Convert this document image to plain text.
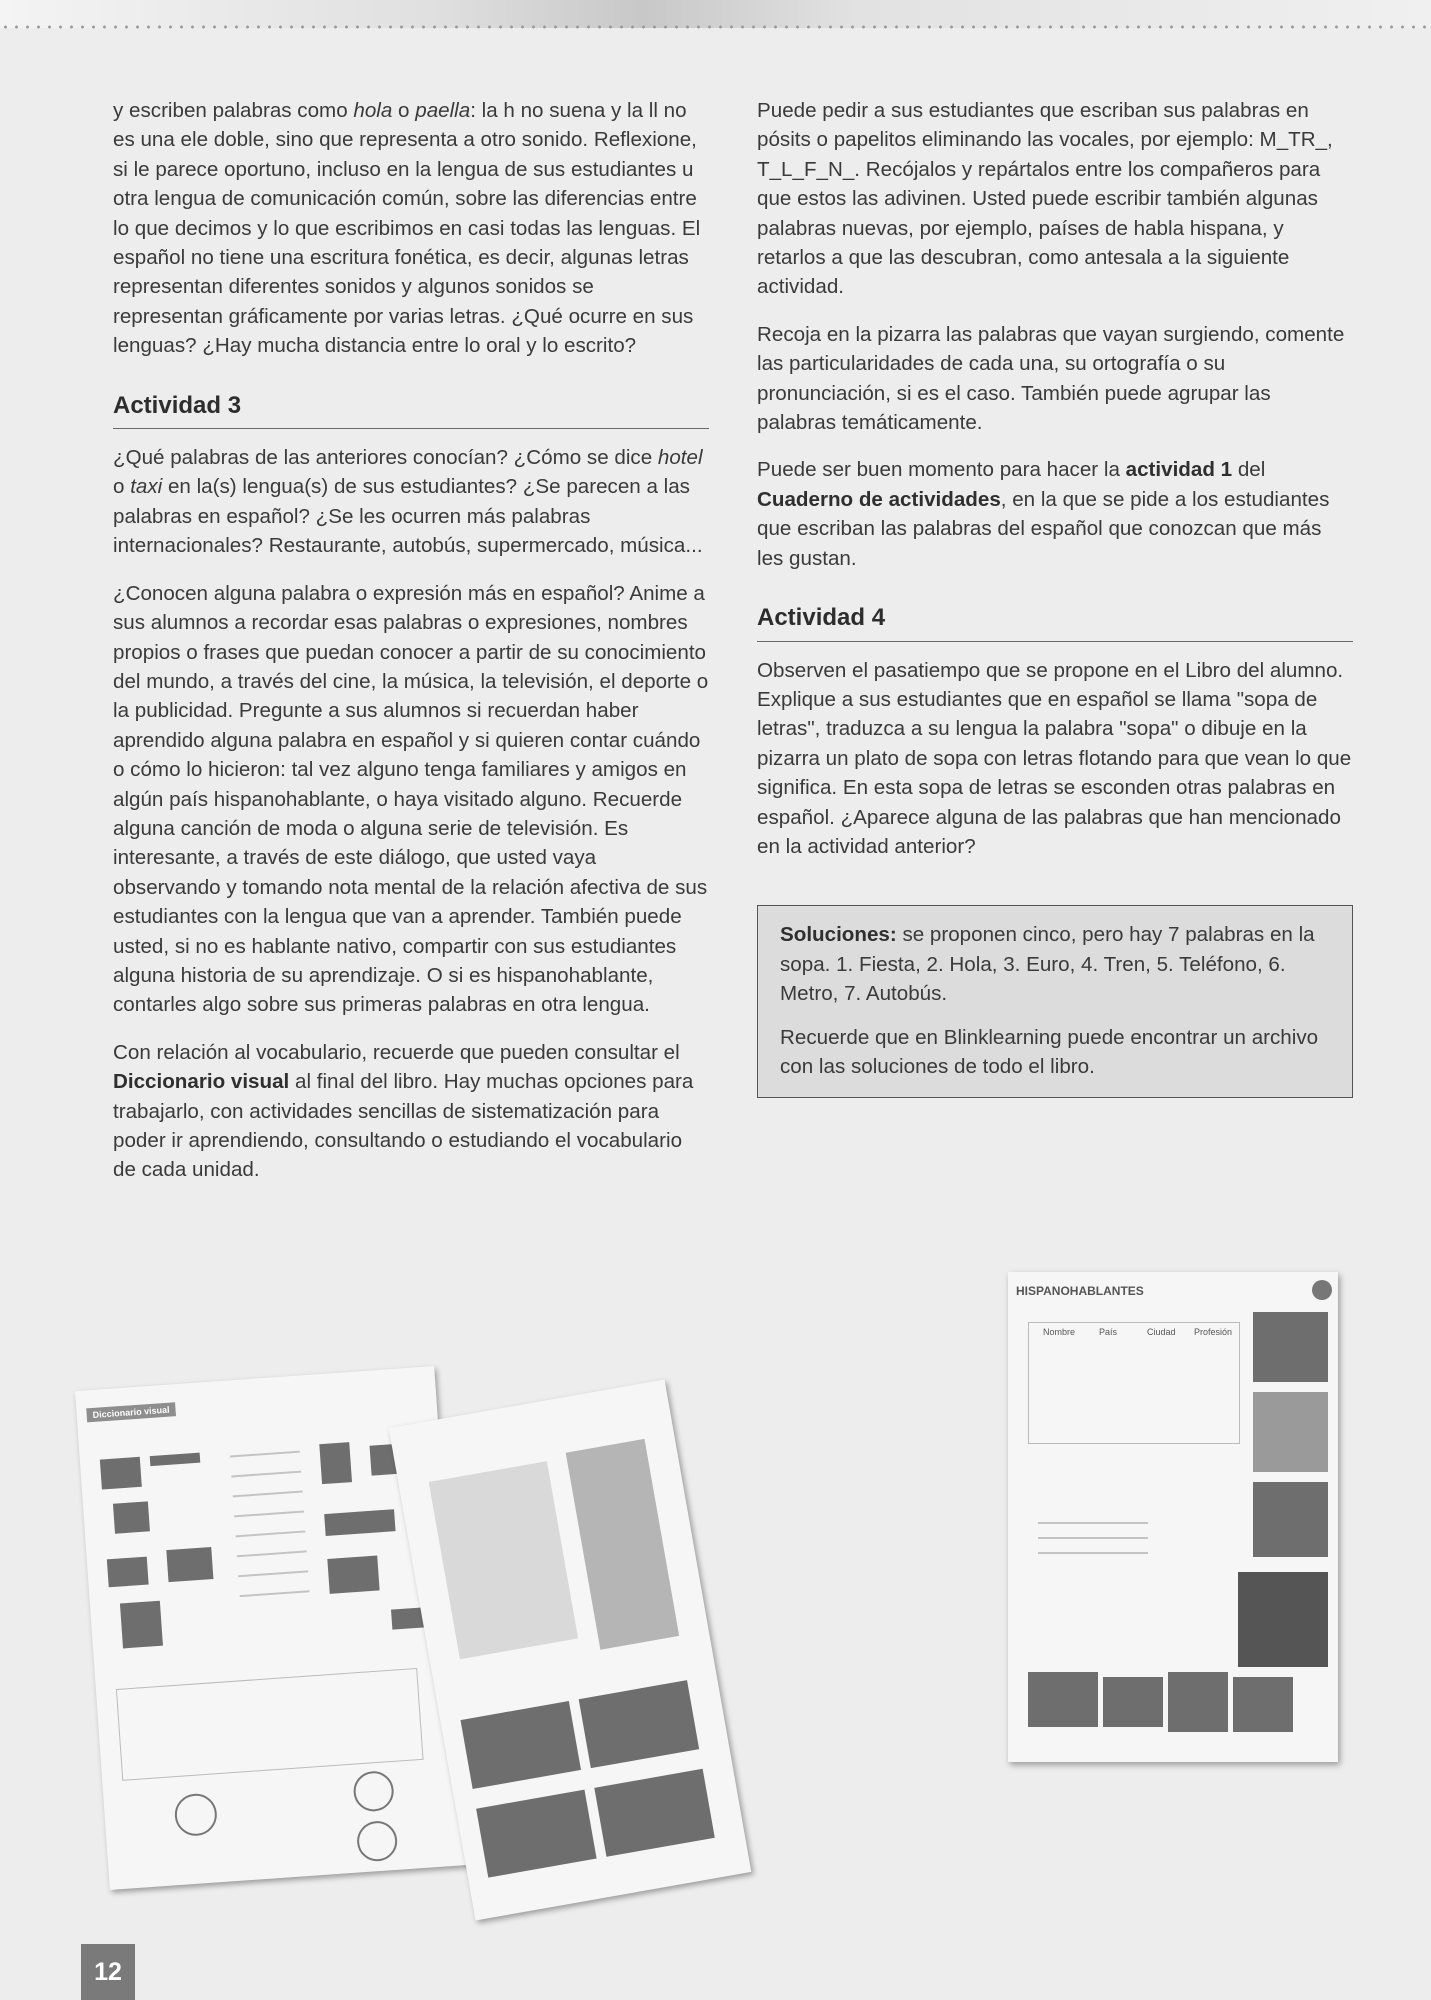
y escriben palabras como hola o paella: la h no suena y la ll no es una ele doble, sino que representa a otro sonido. Reflexione, si le parece oportuno, incluso en la lengua de sus estudiantes u otra lengua de comunicación común, sobre las diferencias entre lo que decimos y lo que escribimos en casi todas las lenguas. El español no tiene una escritura fonética, es decir, algunas letras representan diferentes sonidos y algunos sonidos se representan gráficamente por varias letras. ¿Qué ocurre en sus lenguas? ¿Hay mucha distancia entre lo oral y lo escrito?

Actividad 3

¿Qué palabras de las anteriores conocían? ¿Cómo se dice hotel o taxi en la(s) lengua(s) de sus estudiantes? ¿Se parecen a las palabras en español? ¿Se les ocurren más palabras internacionales? Restaurante, autobús, supermercado, música...

¿Conocen alguna palabra o expresión más en español? Anime a sus alumnos a recordar esas palabras o expresiones, nombres propios o frases que puedan conocer a partir de su conocimiento del mundo, a través del cine, la música, la televisión, el deporte o la publicidad. Pregunte a sus alumnos si recuerdan haber aprendido alguna palabra en español y si quieren contar cuándo o cómo lo hicieron: tal vez alguno tenga familiares y amigos en algún país hispanohablante, o haya visitado alguno. Recuerde alguna canción de moda o alguna serie de televisión. Es interesante, a través de este diálogo, que usted vaya observando y tomando nota mental de la relación afectiva de sus estudiantes con la lengua que van a aprender. También puede usted, si no es hablante nativo, compartir con sus estudiantes alguna historia de su aprendizaje. O si es hispanohablante, contarles algo sobre sus primeras palabras en otra lengua.

Con relación al vocabulario, recuerde que pueden consultar el Diccionario visual al final del libro. Hay muchas opciones para trabajarlo, con actividades sencillas de sistematización para poder ir aprendiendo, consultando o estudiando el vocabulario de cada unidad.

Puede pedir a sus estudiantes que escriban sus palabras en pósits o papelitos eliminando las vocales, por ejemplo: M_TR_, T_L_F_N_. Recójalos y repártalos entre los compañeros para que estos las adivinen. Usted puede escribir también algunas palabras nuevas, por ejemplo, países de habla hispana, y retarlos a que las descubran, como antesala a la siguiente actividad.

Recoja en la pizarra las palabras que vayan surgiendo, comente las particularidades de cada una, su ortografía o su pronunciación, si es el caso. También puede agrupar las palabras temáticamente.

Puede ser buen momento para hacer la actividad 1 del Cuaderno de actividades, en la que se pide a los estudiantes que escriban las palabras del español que conozcan que más les gustan.

Actividad 4

Observen el pasatiempo que se propone en el Libro del alumno. Explique a sus estudiantes que en español se llama "sopa de letras", traduzca a su lengua la palabra "sopa" o dibuje en la pizarra un plato de sopa con letras flotando para que vean lo que significa. En esta sopa de letras se esconden otras palabras en español. ¿Aparece alguna de las palabras que han mencionado en la actividad anterior?

Soluciones: se proponen cinco, pero hay 7 palabras en la sopa. 1. Fiesta, 2. Hola, 3. Euro, 4. Tren, 5. Teléfono, 6. Metro, 7. Autobús.

Recuerde que en Blinklearning puede encontrar un archivo con las soluciones de todo el libro.

Diccionario visual
HISPANOHABLANTES
Nombre	País	Ciudad Profesión
12
